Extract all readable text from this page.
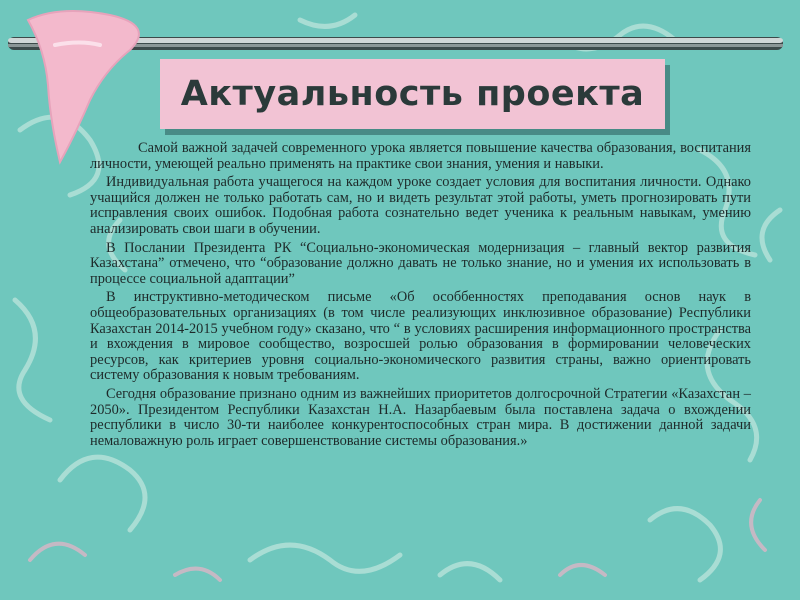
Актуальность проекта

Самой важной задачей современного урока является повышение качества образования, воспитания личности, умеющей реально применять на практике свои знания, умения и навыки.

Индивидуальная работа учащегося на каждом уроке создает условия для воспитания личности. Однако учащийся должен не только работать сам, но и видеть результат этой работы, уметь прогнозировать пути исправления своих ошибок. Подобная работа сознательно ведет ученика к реальным навыкам, умению анализировать свои шаги в обучении.

В Послании Президента РК “Социально-экономическая модернизация – главный вектор развития Казахстана” отмечено, что “образование должно давать не только знание, но и умения их использовать в процессе социальной адаптации”

В инструктивно-методическом письме «Об особбенностях преподавания основ наук в общеобразовательных организациях (в том числе реализующих инклюзивное образование) Республики Казахстан 2014-2015 учебном году» сказано, что “ в условиях расширения информационного пространства и вхождения в мировое сообщество, возросшей ролью образования в формировании человеческих ресурсов, как критериев уровня социально-экономического развития страны, важно ориентировать систему образования к новым требованиям.

Сегодня образование признано одним из важнейших приоритетов долгосрочной Стратегии «Казахстан – 2050». Президентом Республики Казахстан Н.А. Назарбаевым была поставлена задача о вхождении республики в число 30-ти наиболее конкурентоспособных стран мира. В достижении данной задачи немаловажную роль играет совершенствование системы образования.»
